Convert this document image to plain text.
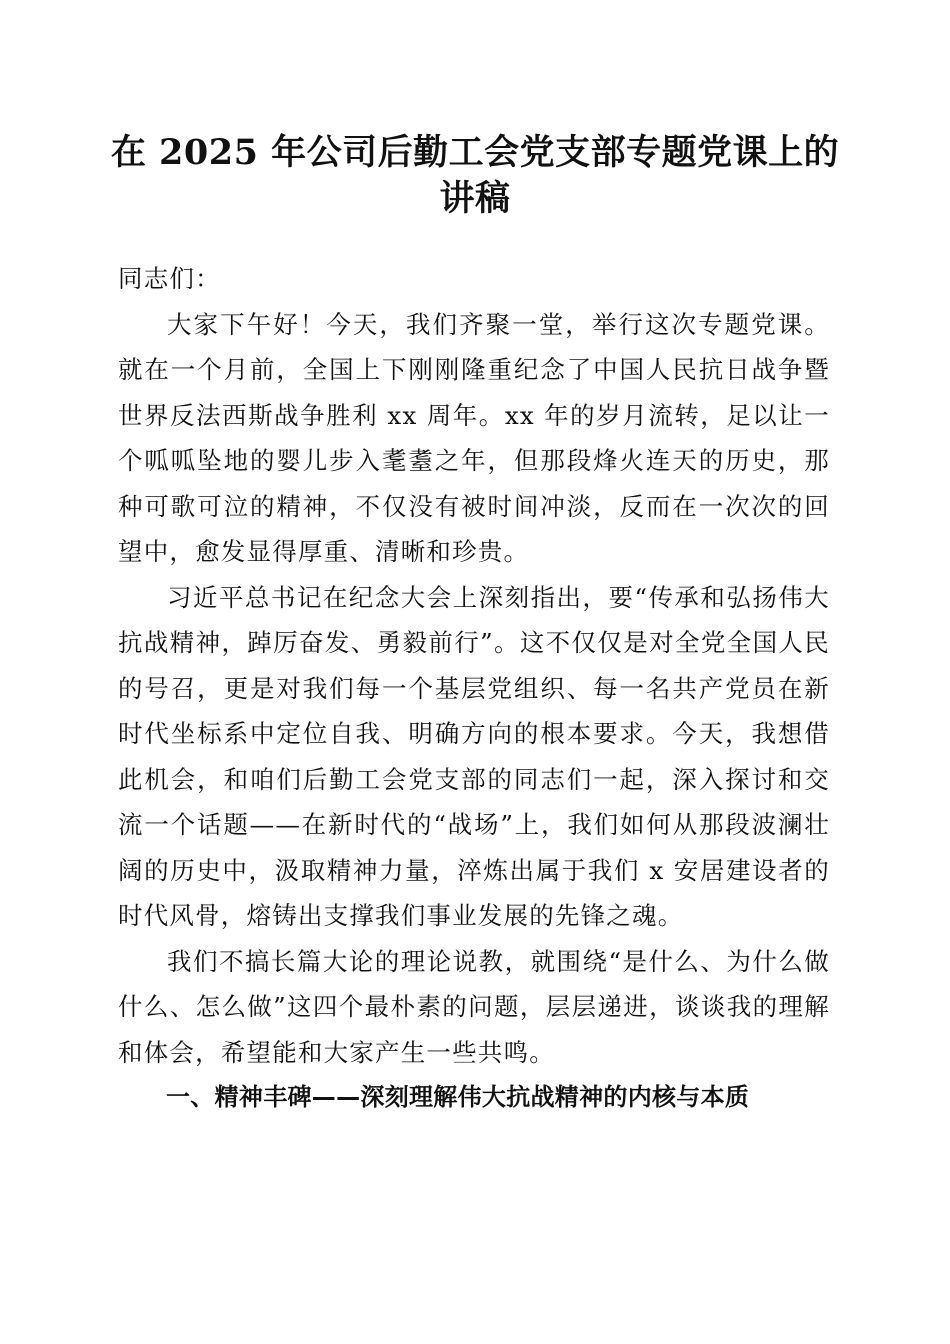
在 2025 年公司后勤工会党支部专题党课上的
讲稿

同志们：

大家下午好！今天，我们齐聚一堂，举行这次专题党课。就在一个月前，全国上下刚刚隆重纪念了中国人民抗日战争暨世界反法西斯战争胜利 xx 周年。xx 年的岁月流转，足以让一个呱呱坠地的婴儿步入耄耋之年，但那段烽火连天的历史，那种可歌可泣的精神，不仅没有被时间冲淡，反而在一次次的回望中，愈发显得厚重、清晰和珍贵。

习近平总书记在纪念大会上深刻指出，要“传承和弘扬伟大抗战精神，踔厉奋发、勇毅前行”。这不仅仅是对全党全国人民的号召，更是对我们每一个基层党组织、每一名共产党员在新时代坐标系中定位自我、明确方向的根本要求。今天，我想借此机会，和咱们后勤工会党支部的同志们一起，深入探讨和交流一个话题——在新时代的“战场”上，我们如何从那段波澜壮阔的历史中，汲取精神力量，淬炼出属于我们 x 安居建设者的时代风骨，熔铸出支撑我们事业发展的先锋之魂。

我们不搞长篇大论的理论说教，就围绕“是什么、为什么做什么、怎么做”这四个最朴素的问题，层层递进，谈谈我的理解和体会，希望能和大家产生一些共鸣。

一、精神丰碑——深刻理解伟大抗战精神的内核与本质
